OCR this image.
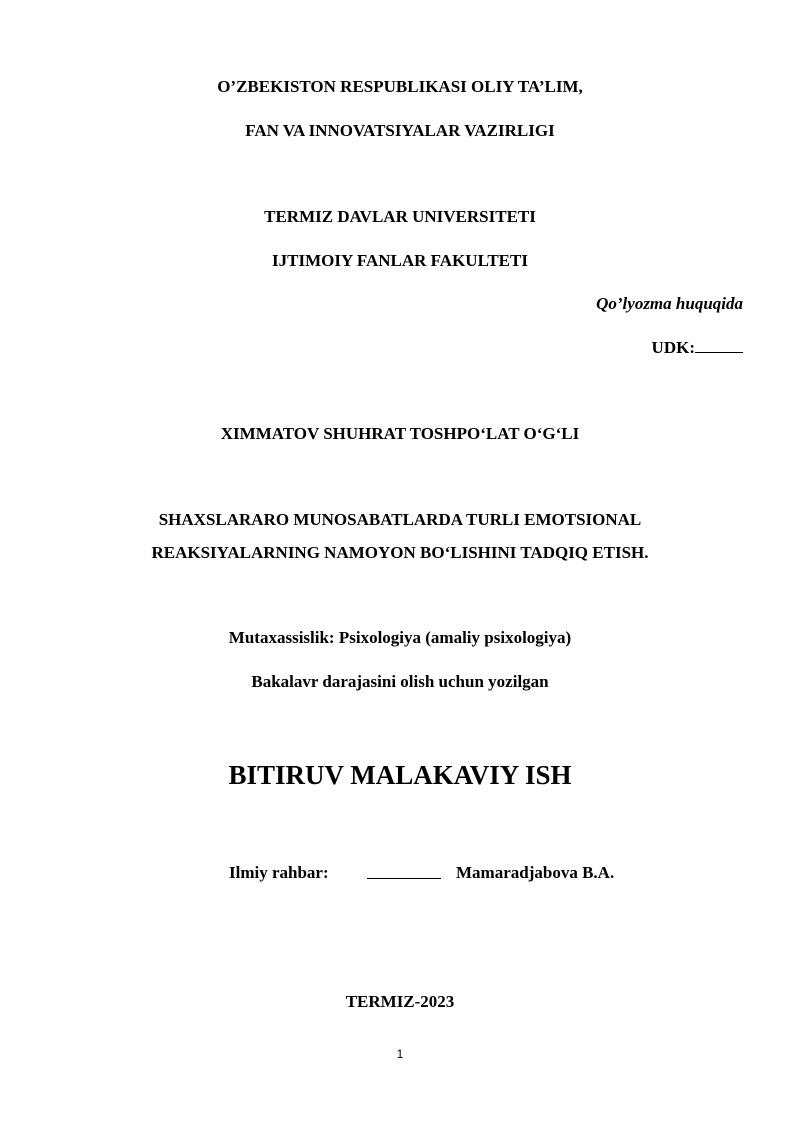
O’ZBEKISTON RESPUBLIKASI OLIY TA’LIM,
FAN VA INNOVATSIYALAR VAZIRLIGI
TERMIZ DAVLAR UNIVERSITETI
IJTIMOIY FANLAR FAKULTETI
Qo’lyozma huquqida
UDK:
XIMMATOV SHUHRAT TOSHPO‘LAT O‘G‘LI
SHAXSLARARO MUNOSABATLARDA TURLI EMOTSIONAL
REAKSIYALARNING NAMOYON BO‘LISHINI TADQIQ ETISH.
Mutaxassislik: Psixologiya (amaliy psixologiya)
Bakalavr darajasini olish uchun yozilgan
BITIRUV MALAKAVIY ISH
Ilmiy rahbar:	Mamaradjabova B.A.
TERMIZ-2023
1
